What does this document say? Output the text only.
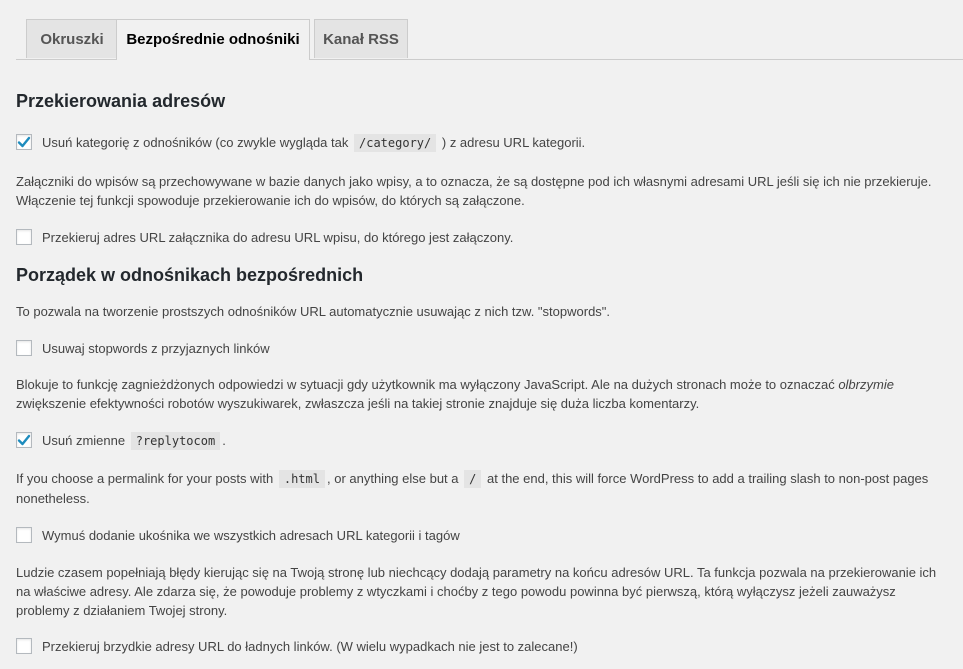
Okruszki	Bezpośrednie odnośniki	Kanał RSS
Przekierowania adresów
Usuń kategorię z odnośników (co zwykle wygląda tak /category/ ) z adresu URL kategorii.

Załączniki do wpisów są przechowywane w bazie danych jako wpisy, a to oznacza, że są dostępne pod ich własnymi adresami URL jeśli się ich nie przekieruje. Włączenie tej funkcji spowoduje przekierowanie ich do wpisów, do których są załączone.

Przekieruj adres URL załącznika do adresu URL wpisu, do którego jest załączony.
Porządek w odnośnikach bezpośrednich

To pozwala na tworzenie prostszych odnośników URL automatycznie usuwając z nich tzw. "stopwords".

Usuwaj stopwords z przyjaznych linków

Blokuje to funkcję zagnieżdżonych odpowiedzi w sytuacji gdy użytkownik ma wyłączony JavaScript. Ale na dużych stronach może to oznaczać olbrzymie zwiększenie efektywności robotów wyszukiwarek, zwłaszcza jeśli na takiej stronie znajduje się duża liczba komentarzy.

Usuń zmienne ?replytocom .

If you choose a permalink for your posts with .html , or anything else but a / at the end, this will force WordPress to add a trailing slash to non-post pages nonetheless.

Wymuś dodanie ukośnika we wszystkich adresach URL kategorii i tagów

Ludzie czasem popełniają błędy kierując się na Twoją stronę lub niechcący dodają parametry na końcu adresów URL. Ta funkcja pozwala na przekierowanie ich na właściwe adresy. Ale zdarza się, że powoduje problemy z wtyczkami i choćby z tego powodu powinna być pierwszą, którą wyłączysz jeżeli zauważysz problemy z działaniem Twojej strony.

Przekieruj brzydkie adresy URL do ładnych linków. (W wielu wypadkach nie jest to zalecane!)
